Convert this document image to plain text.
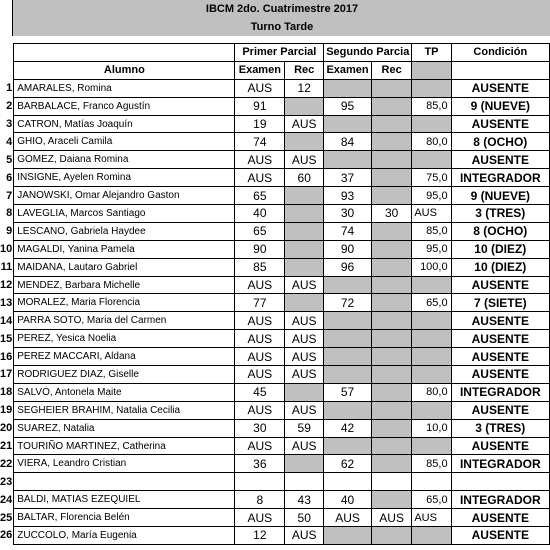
IBCM 2do. Cuatrimestre 2017
Turno Tarde
		Primer Parcial		Segundo Parcia		TP	Condición
	Alumno	Examen	Rec	Examen	Rec		
1	AMARALES, Romina	AUS	12				AUSENTE
2	BARBALACE, Franco Agustín	91		95		85,0	9 (NUEVE)
3	CATRON, Matías Joaquín	19	AUS				AUSENTE
4	GHIO, Araceli Camila	74		84		80,0	8 (OCHO)
5	GOMEZ, Daiana Romina	AUS	AUS				AUSENTE
6	INSIGNE, Ayelen Romina	AUS	60	37		75,0	INTEGRADOR
7	JANOWSKI, Omar Alejandro Gaston	65		93		95,0	9 (NUEVE)
8	LAVEGLIA, Marcos Santiago	40		30	30	AUS	3 (TRES)
9	LESCANO, Gabriela Haydee	65		74		85,0	8 (OCHO)
10	MAGALDI, Yanina Pamela	90		90		95,0	10 (DIEZ)
11	MAIDANA, Lautaro Gabriel	85		96		100,0	10 (DIEZ)
12	MENDEZ, Barbara Michelle	AUS	AUS				AUSENTE
13	MORALEZ, Maria Florencia	77		72		65,0	7 (SIETE)
14	PARRA SOTO, Maria del Carmen	AUS	AUS				AUSENTE
15	PEREZ, Yesica Noelia	AUS	AUS				AUSENTE
16	PEREZ MACCARI, Aldana	AUS	AUS				AUSENTE
17	RODRIGUEZ DIAZ, Giselle	AUS	AUS				AUSENTE
18	SALVO, Antonela Maite	45		57		80,0	INTEGRADOR
19	SEGHEIER BRAHIM, Natalia Cecilia	AUS	AUS				AUSENTE
20	SUAREZ, Natalia	30	59	42		10,0	3 (TRES)
21	TOURIÑO MARTINEZ, Catherina	AUS	AUS				AUSENTE
22	VIERA, Leandro Cristian	36		62		85,0	INTEGRADOR
23							
24	BALDI, MATIAS EZEQUIEL	8	43	40		65,0	INTEGRADOR
25	BALTAR, Florencia Belén	AUS	50	AUS	AUS	AUS	AUSENTE
26	ZUCCOLO, María Eugenia	12	AUS				AUSENTE
